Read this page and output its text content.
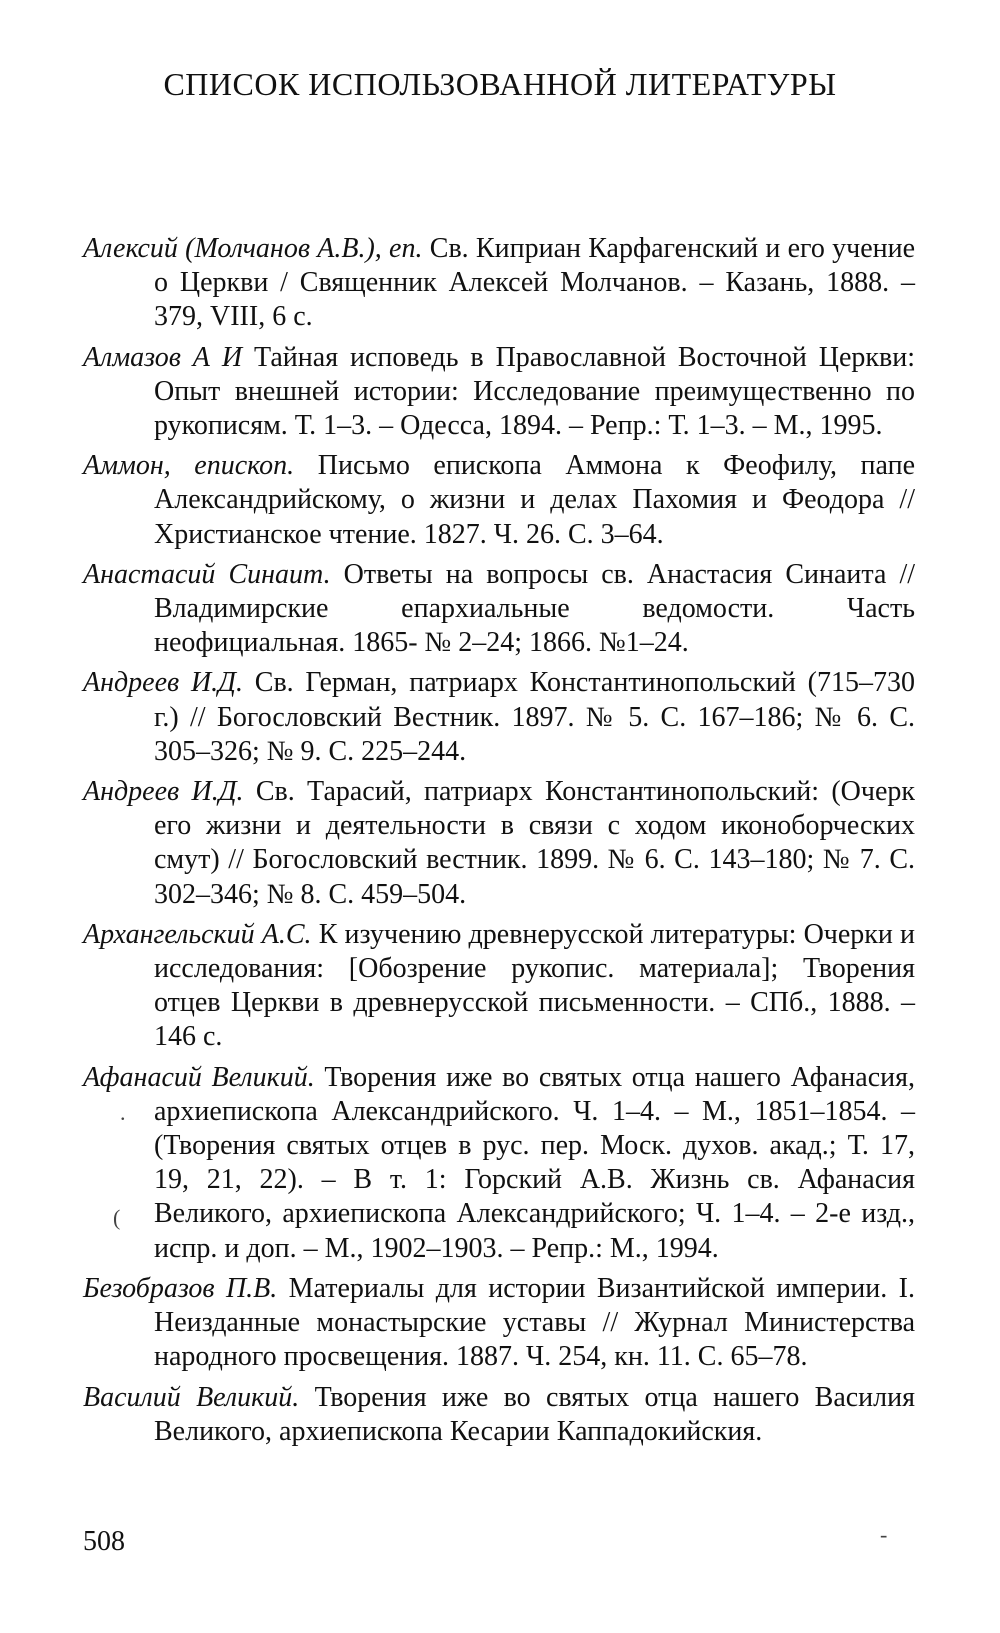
СПИСОК ИСПОЛЬЗОВАННОЙ ЛИТЕРАТУРЫ
Алексий (Молчанов А.В.), еп. Св. Киприан Карфагенский и его учение о Церкви / Священник Алексей Молчанов. – Казань, 1888. – 379, VIII, 6 с.
Алмазов А И Тайная исповедь в Православной Восточной Церкви: Опыт внешней истории: Исследование преимущественно по рукописям. Т. 1–3. – Одесса, 1894. – Репр.: Т. 1–3. – М., 1995.
Аммон, епископ. Письмо епископа Аммона к Феофилу, папе Александрийскому, о жизни и делах Пахомия и Феодора // Христианское чтение. 1827. Ч. 26. С. 3–64.
Анастасий Синаит. Ответы на вопросы св. Анастасия Синаита // Владимирские епархиальные ведомости. Часть неофициальная. 1865- № 2–24; 1866. №1–24.
Андреев И.Д. Св. Герман, патриарх Константинопольский (715–730 г.) // Богословский Вестник. 1897. № 5. С. 167–186; № 6. С. 305–326; № 9. С. 225–244.
Андреев И.Д. Св. Тарасий, патриарх Константинопольский: (Очерк его жизни и деятельности в связи с ходом иконоборческих смут) // Богословский вестник. 1899. № 6. С. 143–180; № 7. С. 302–346; № 8. С. 459–504.
Архангельский А.С. К изучению древнерусской литературы: Очерки и исследования: [Обозрение рукопис. материала]; Творения отцев Церкви в древнерусской письменности. – СПб., 1888. – 146 с.
Афанасий Великий. Творения иже во святых отца нашего Афанасия, архиепископа Александрийского. Ч. 1–4. – М., 1851–1854. – (Творения святых отцев в рус. пер. Моск. духов. акад.; Т. 17, 19, 21, 22). – В т. 1: Горский А.В. Жизнь св. Афанасия Великого, архиепископа Александрийского; Ч. 1–4. – 2-е изд., испр. и доп. – М., 1902–1903. – Репр.: М., 1994.
Безобразов П.В. Материалы для истории Византийской империи. I. Неизданные монастырские уставы // Журнал Министерства народного просвещения. 1887. Ч. 254, кн. 11. С. 65–78.
Василий Великий. Творения иже во святых отца нашего Василия Великого, архиепископа Кесарии Каппадокийския.
.
(
-

508
